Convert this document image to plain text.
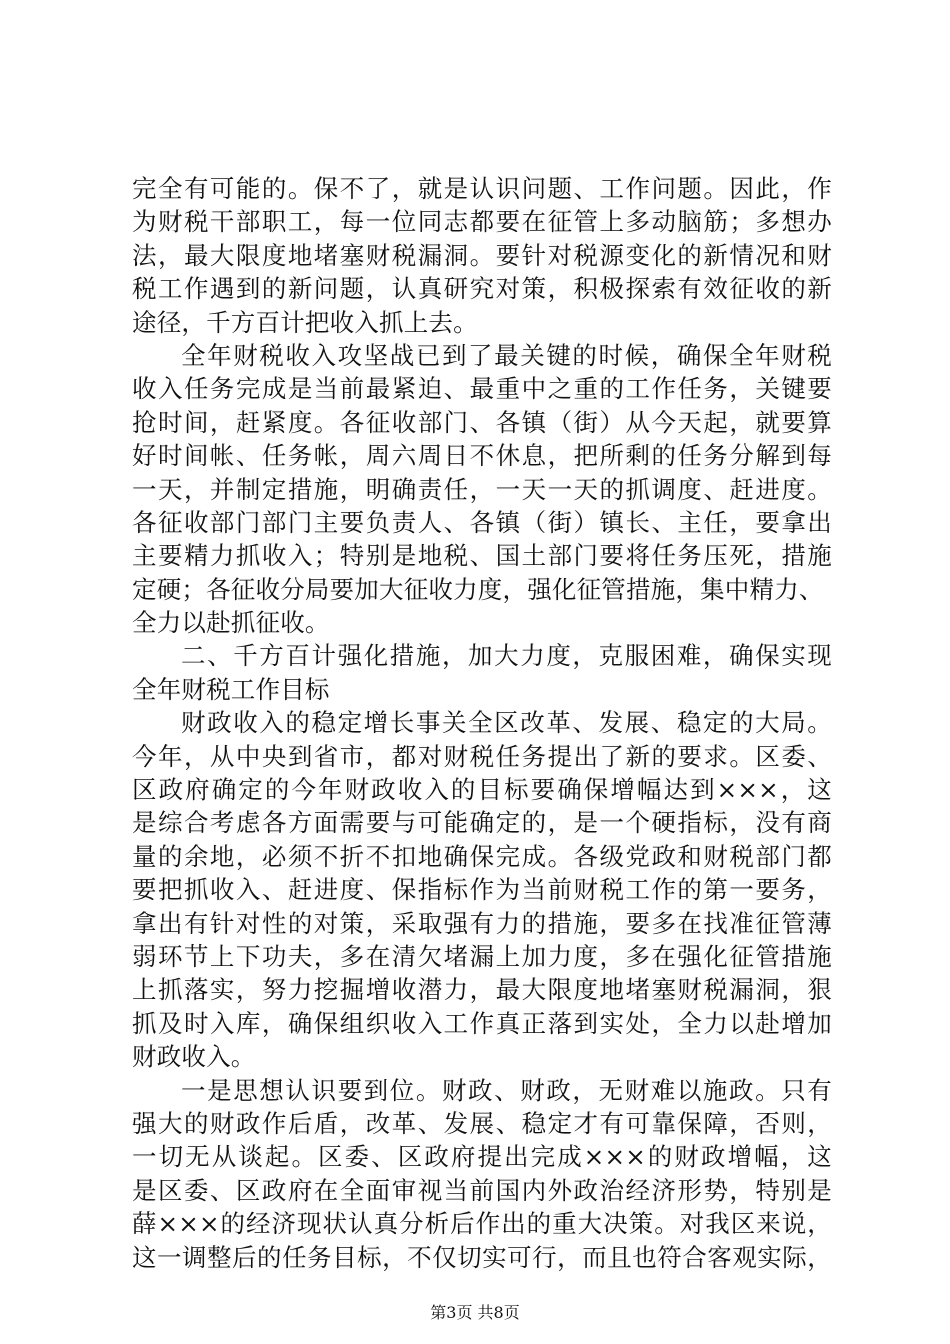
完全有可能的。保不了，就是认识问题、工作问题。因此，作
为财税干部职工，每一位同志都要在征管上多动脑筋；多想办
法，最大限度地堵塞财税漏洞。要针对税源变化的新情况和财
税工作遇到的新问题，认真研究对策，积极探索有效征收的新
途径，千方百计把收入抓上去。
全年财税收入攻坚战已到了最关键的时候，确保全年财税
收入任务完成是当前最紧迫、最重中之重的工作任务，关键要
抢时间，赶紧度。各征收部门、各镇（街）从今天起，就要算
好时间帐、任务帐，周六周日不休息，把所剩的任务分解到每
一天，并制定措施，明确责任，一天一天的抓调度、赶进度。
各征收部门部门主要负责人、各镇（街）镇长、主任，要拿出
主要精力抓收入；特别是地税、国土部门要将任务压死，措施
定硬；各征收分局要加大征收力度，强化征管措施，集中精力、
全力以赴抓征收。
二、千方百计强化措施，加大力度，克服困难，确保实现
全年财税工作目标
财政收入的稳定增长事关全区改革、发展、稳定的大局。
今年，从中央到省市，都对财税任务提出了新的要求。区委、
区政府确定的今年财政收入的目标要确保增幅达到×××，这
是综合考虑各方面需要与可能确定的，是一个硬指标，没有商
量的余地，必须不折不扣地确保完成。各级党政和财税部门都
要把抓收入、赶进度、保指标作为当前财税工作的第一要务，
拿出有针对性的对策，采取强有力的措施，要多在找准征管薄
弱环节上下功夫，多在清欠堵漏上加力度，多在强化征管措施
上抓落实，努力挖掘增收潜力，最大限度地堵塞财税漏洞，狠
抓及时入库，确保组织收入工作真正落到实处，全力以赴增加
财政收入。
一是思想认识要到位。财政、财政，无财难以施政。只有
强大的财政作后盾，改革、发展、稳定才有可靠保障，否则，
一切无从谈起。区委、区政府提出完成×××的财政增幅，这
是区委、区政府在全面审视当前国内外政治经济形势，特别是
薛×××的经济现状认真分析后作出的重大决策。对我区来说，
这一调整后的任务目标，不仅切实可行，而且也符合客观实际，
第3页 共8页
